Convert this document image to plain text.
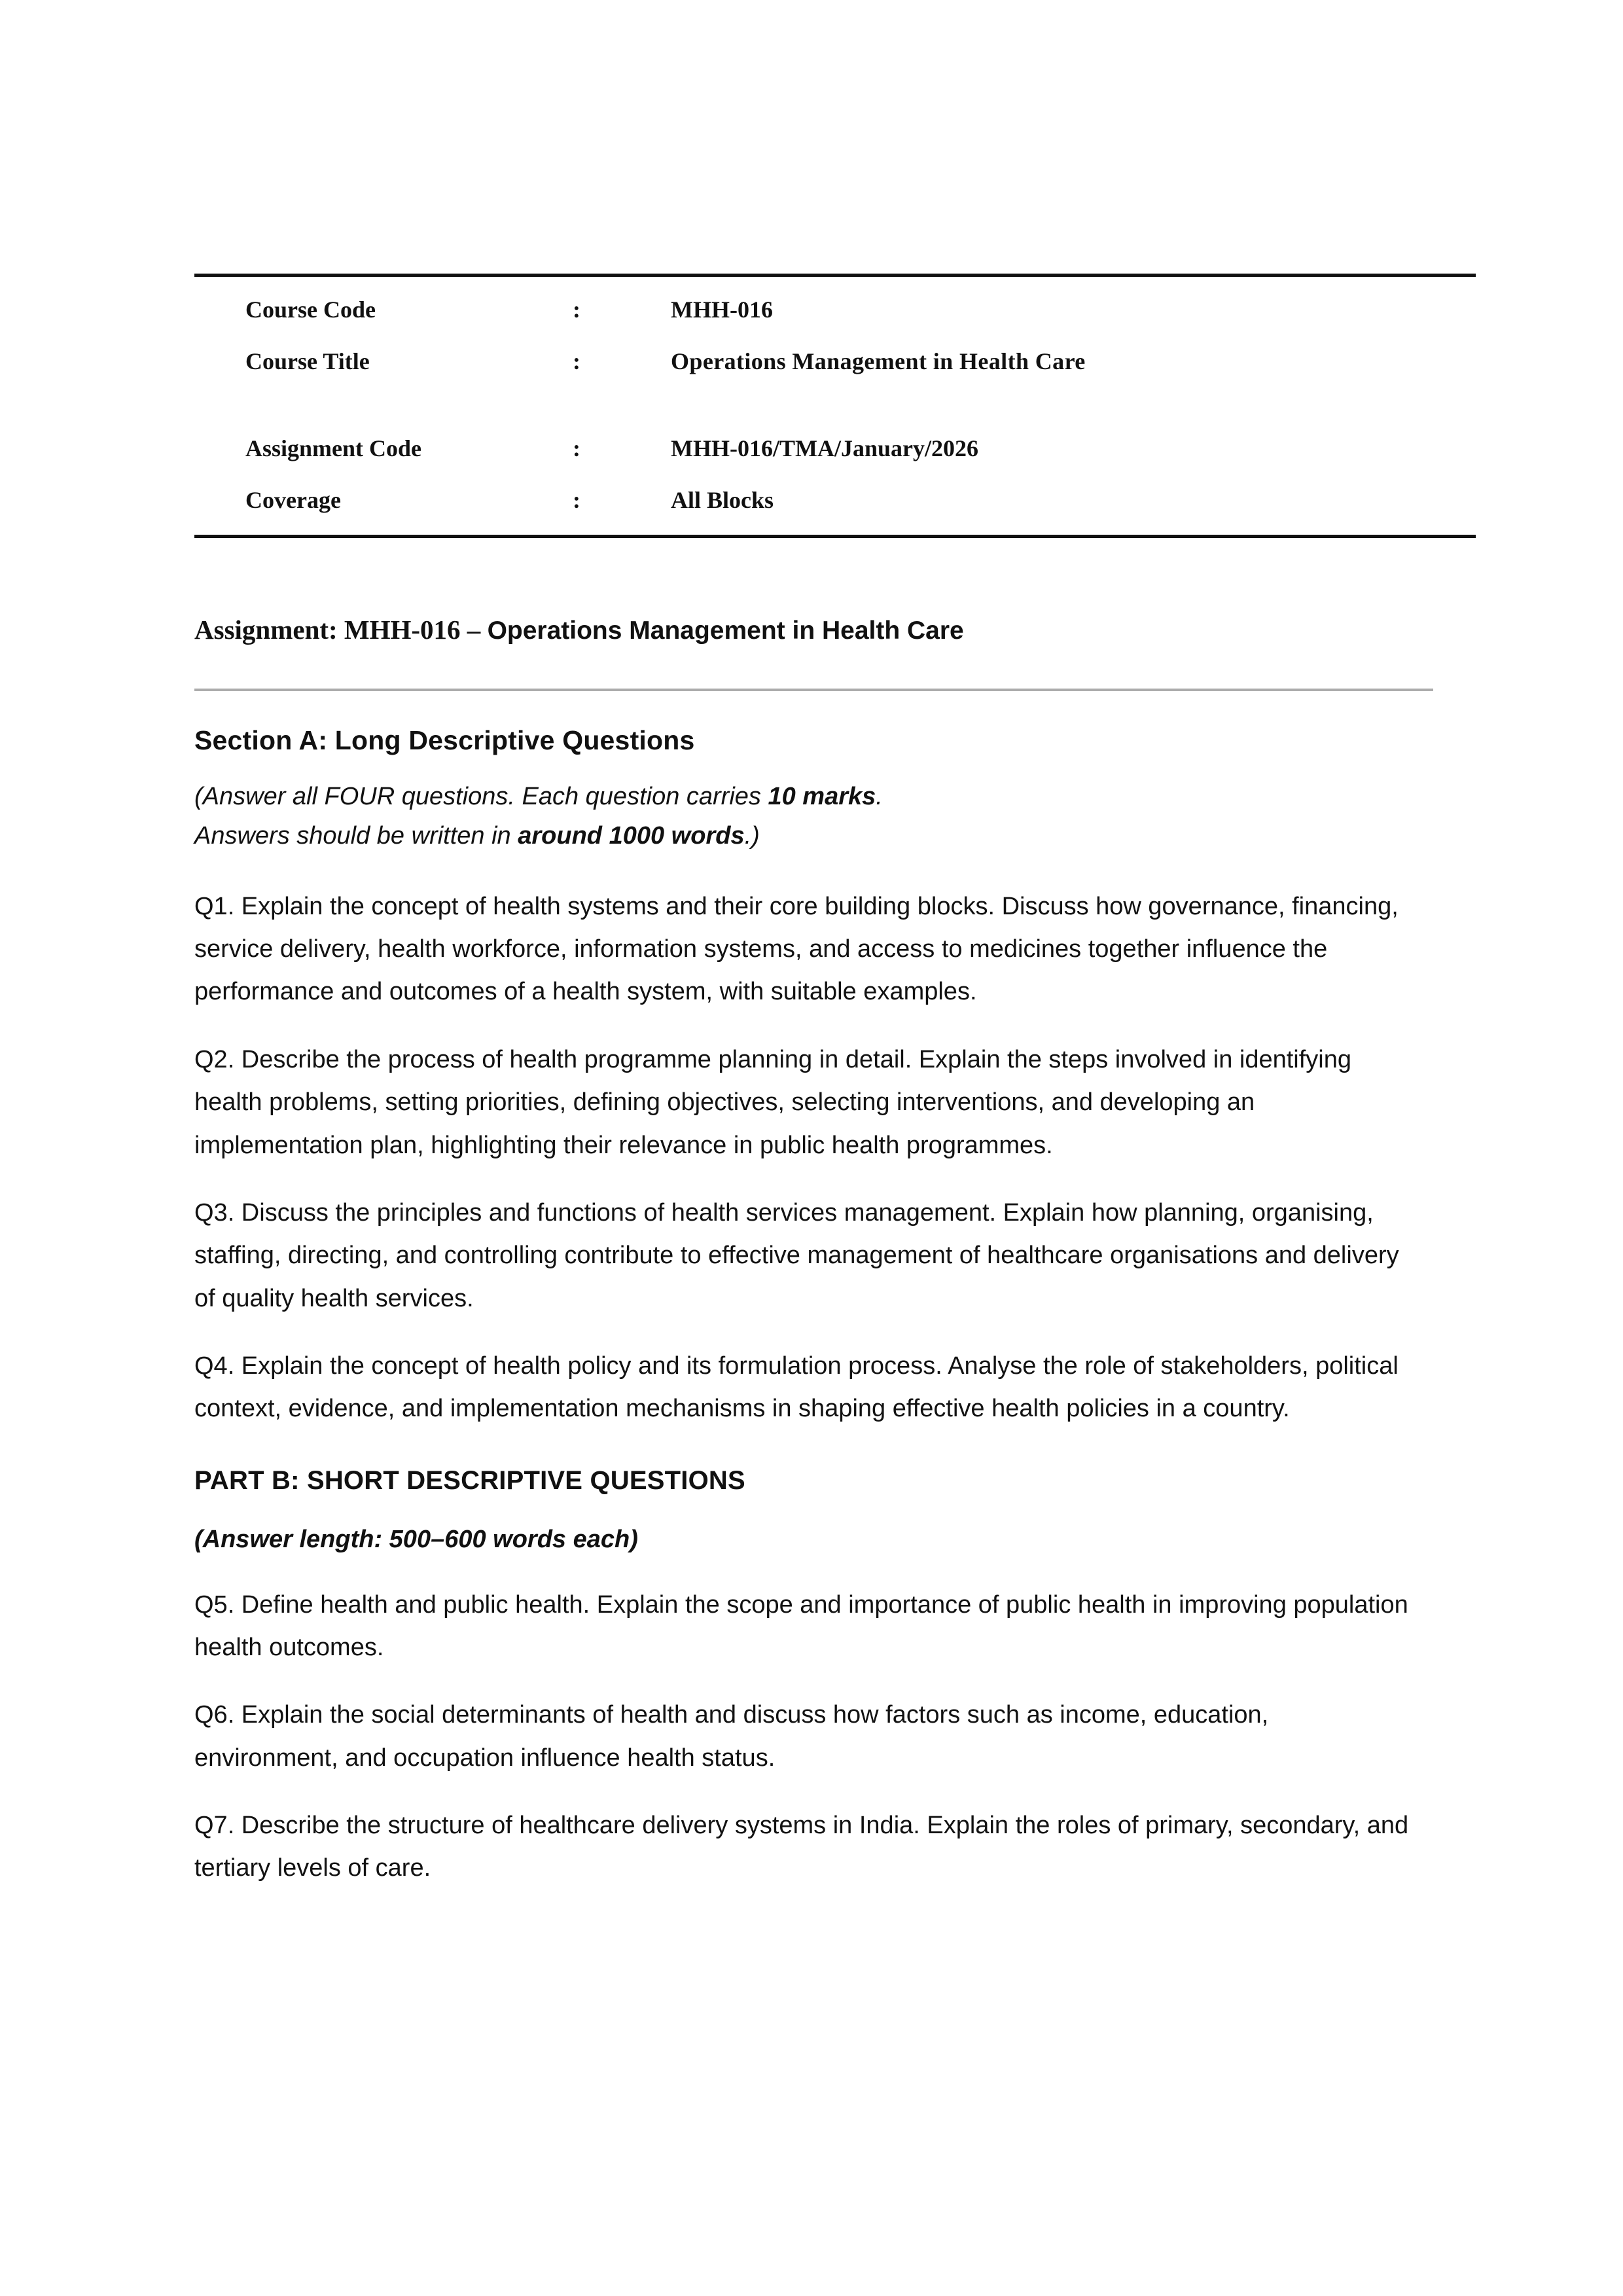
Course Code	:	MHH-016
Course Title	:	Operations Management in Health Care
Assignment Code	:	MHH-016/TMA/January/2026
Coverage	:	All Blocks
Assignment: MHH-016 – Operations Management in Health Care
Section A: Long Descriptive Questions
(Answer all FOUR questions. Each question carries 10 marks.
Answers should be written in around 1000 words.)
Q1. Explain the concept of health systems and their core building blocks. Discuss how governance, financing, service delivery, health workforce, information systems, and access to medicines together influence the performance and outcomes of a health system, with suitable examples.
Q2. Describe the process of health programme planning in detail. Explain the steps involved in identifying health problems, setting priorities, defining objectives, selecting interventions, and developing an implementation plan, highlighting their relevance in public health programmes.
Q3. Discuss the principles and functions of health services management. Explain how planning, organising, staffing, directing, and controlling contribute to effective management of healthcare organisations and delivery of quality health services.
Q4. Explain the concept of health policy and its formulation process. Analyse the role of stakeholders, political context, evidence, and implementation mechanisms in shaping effective health policies in a country.
PART B: SHORT DESCRIPTIVE QUESTIONS
(Answer length: 500–600 words each)
Q5. Define health and public health. Explain the scope and importance of public health in improving population health outcomes.
Q6. Explain the social determinants of health and discuss how factors such as income, education, environment, and occupation influence health status.
Q7. Describe the structure of healthcare delivery systems in India. Explain the roles of primary, secondary, and tertiary levels of care.
